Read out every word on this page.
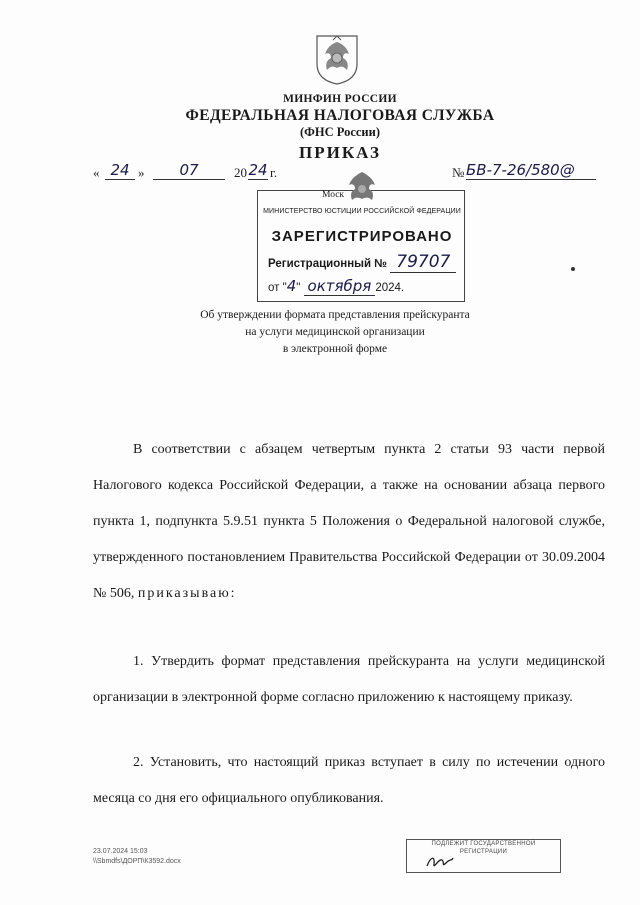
МИНФИН РОССИИ
ФЕДЕРАЛЬНАЯ НАЛОГОВАЯ СЛУЖБА
(ФНС России)
ПРИКАЗ
« 24 »	07	20 24 г.	№ БВ-7-26/580@
Моск
МИНИСТЕРСТВО ЮСТИЦИИ РОССИЙСКОЙ ФЕДЕРАЦИИ
ЗАРЕГИСТРИРОВАНО
Регистрационный № 79707
от "4" октября 2024.
Об утверждении формата представления прейскуранта
на услуги медицинской организации
в электронной форме
В соответствии с абзацем четвертым пункта 2 статьи 93 части первой Налогового кодекса Российской Федерации, а также на основании абзаца первого пункта 1, подпункта 5.9.51 пункта 5 Положения о Федеральной налоговой службе, утвержденного постановлением Правительства Российской Федерации от 30.09.2004 № 506, приказываю:
1. Утвердить формат представления прейскуранта на услуги медицинской организации в электронной форме согласно приложению к настоящему приказу.
2. Установить, что настоящий приказ вступает в силу по истечении одного месяца со дня его официального опубликования.
23.07.2024 15:03
\\Sbmdfs\ДОРП\К3592.docx
ПОДЛЕЖИТ ГОСУДАРСТВЕННОЙ
РЕГИСТРАЦИИ
